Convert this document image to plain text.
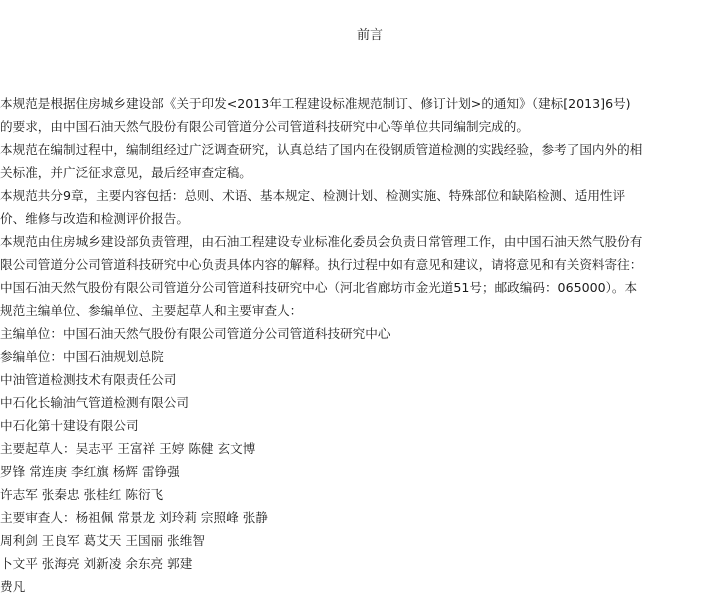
前言
本规范是根据住房城乡建设部《关于印发<2013年工程建设标准规范制订、修订计划>的通知》（建标[2013]6号)
的要求，由中国石油天然气股份有限公司管道分公司管道科技研究中心等单位共同编制完成的。
本规范在编制过程中，编制组经过广泛调查研究，认真总结了国内在役钢质管道检测的实践经验，参考了国内外的相
关标准，并广泛征求意见，最后经审查定稿。
本规范共分9章，主要内容包括：总则、术语、基本规定、检测计划、检测实施、特殊部位和缺陷检测、适用性评
价、维修与改造和检测评价报告。
本规范由住房城乡建设部负责管理，由石油工程建设专业标准化委员会负责日常管理工作，由中国石油天然气股份有
限公司管道分公司管道科技研究中心负责具体内容的解释。执行过程中如有意见和建议，请将意见和有关资料寄往：
中国石油天然气股份有限公司管道分公司管道科技研究中心（河北省廊坊市金光道51号；邮政编码：065000）。本
规范主编单位、参编单位、主要起草人和主要审查人：
主编单位：中国石油天然气股份有限公司管道分公司管道科技研究中心
参编单位：中国石油规划总院
中油管道检测技术有限责任公司
中石化长输油气管道检测有限公司
中石化第十建设有限公司
主要起草人：吴志平 王富祥 王婷 陈健 玄文博
罗锋 常连庚 李红旗 杨辉 雷铮强
许志军 张秦忠 张桂红 陈衍飞
主要审查人：杨祖佩 常景龙 刘玲莉 宗照峰 张静
周利剑 王良军 葛艾天 王国丽 张维智
卜文平 张海亮 刘新凌 余东亮 郭建
费凡
